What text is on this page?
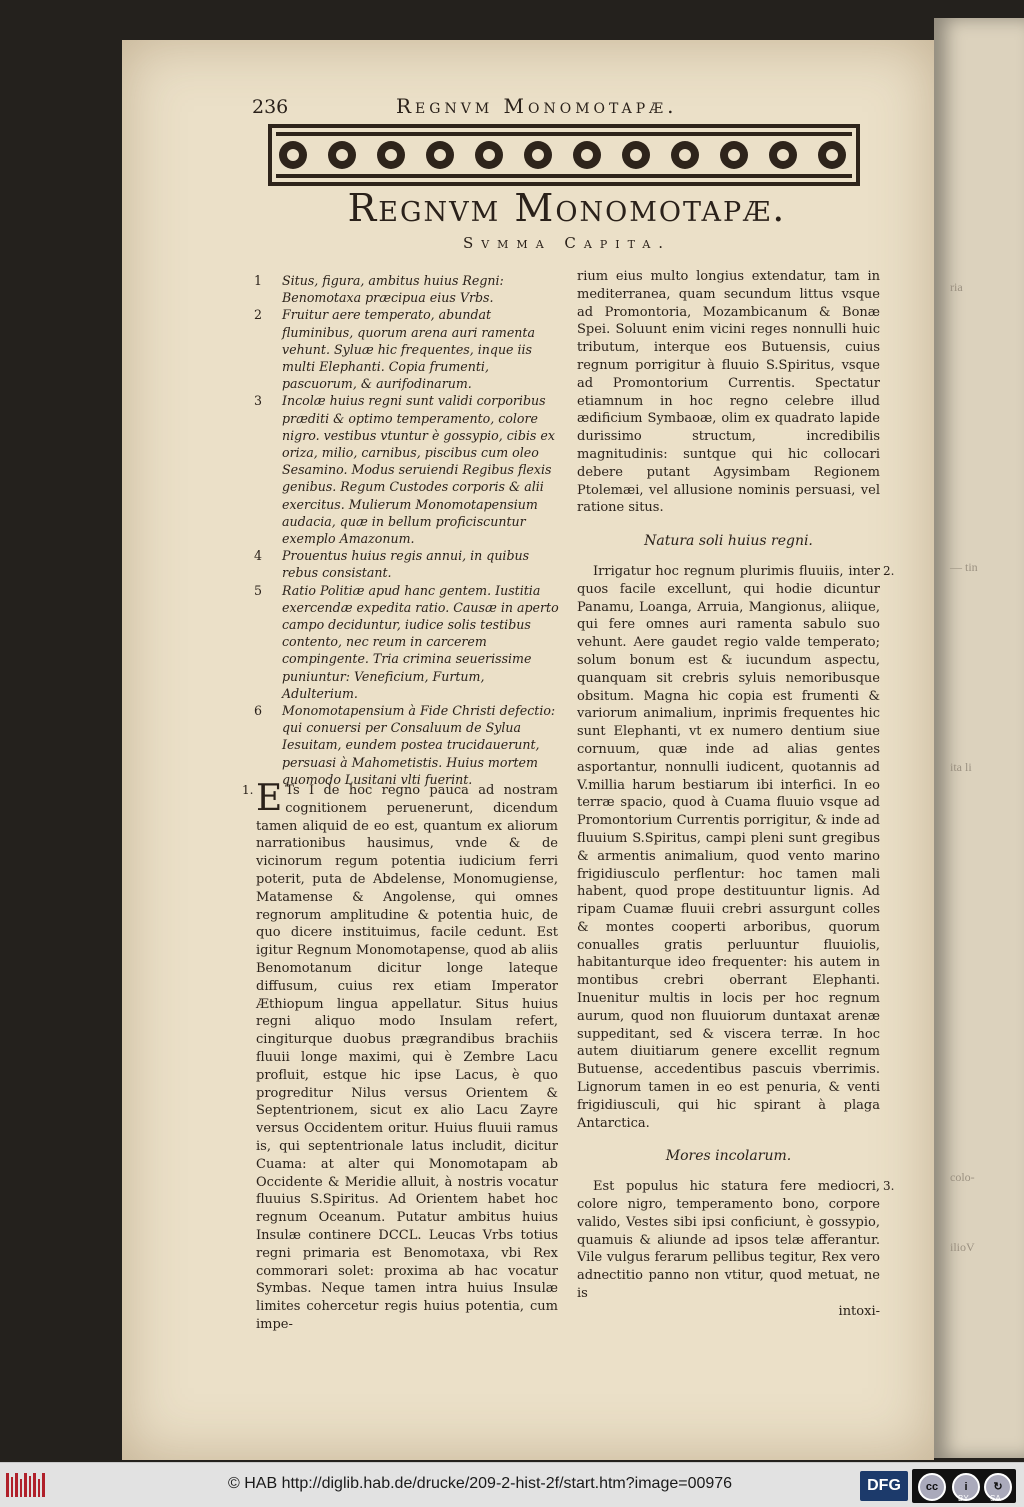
ria
— tin
ita li
colo-
ilioV
236	Regnvm Monomotapæ.
Regnvm Monomotapæ.
Svmma Capita.
1 Situs, figura, ambitus huius Regni: Benomotaxa præcipua eius Vrbs.
2 Fruitur aere temperato, abundat fluminibus, quorum arena auri ramenta vehunt. Syluæ hic frequentes, inque iis multi Elephanti. Copia frumenti, pascuorum, & aurifodinarum.
3 Incolæ huius regni sunt validi corporibus præditi & optimo temperamento, colore nigro. vestibus vtuntur è gossypio, cibis ex oriza, milio, carnibus, piscibus cum oleo Sesamino. Modus seruiendi Regibus flexis genibus. Regum Custodes corporis & alii exercitus. Mulierum Monomotapensium audacia, quæ in bellum proficiscuntur exemplo Amazonum.
4 Prouentus huius regis annui, in quibus rebus consistant.
5 Ratio Politiæ apud hanc gentem. Iustitia exercendæ expedita ratio. Causæ in aperto campo deciduntur, iudice solis testibus contento, nec reum in carcerem compingente. Tria crimina seuerissime puniuntur: Veneficium, Furtum, Adulterium.
6 Monomotapensium à Fide Christi defectio: qui conuersi per Consaluum de Sylua Iesuitam, eundem postea trucidauerunt, persuasi à Mahometistis. Huius mortem quomodo Lusitani vlti fuerint.
1. E Ts I de hoc regno pauca ad nostram cognitionem peruenerunt, dicendum tamen aliquid de eo est, quantum ex aliorum narrationibus hausimus, vnde & de vicinorum regum potentia iudicium ferri poterit, puta de Abdelense, Monomugiense, Matamense & Angolense, qui omnes regnorum amplitudine & potentia huic, de quo dicere instituimus, facile cedunt. Est igitur Regnum Monomotapense, quod ab aliis Benomotanum dicitur longe lateque diffusum, cuius rex etiam Imperator Æthiopum lingua appellatur. Situs huius regni aliquo modo Insulam refert, cingiturque duobus prægrandibus brachiis fluuii longe maximi, qui è Zembre Lacu profluit, estque hic ipse Lacus, è quo progreditur Nilus versus Orientem & Septentrionem, sicut ex alio Lacu Zayre versus Occidentem oritur. Huius fluuii ramus is, qui septentrionale latus includit, dicitur Cuama: at alter qui Monomotapam ab Occidente & Meridie alluit, à nostris vocatur fluuius S.Spiritus. Ad Orientem habet hoc regnum Oceanum. Putatur ambitus huius Insulæ continere DCCL. Leucas Vrbs totius regni primaria est Benomotaxa, vbi Rex commorari solet: proxima ab hac vocatur Symbas. Neque tamen intra huius Insulæ limites cohercetur regis huius potentia, cum impe-

rium eius multo longius extendatur, tam in mediterranea, quam secundum littus vsque ad Promontoria, Mozambicanum & Bonæ Spei. Soluunt enim vicini reges nonnulli huic tributum, interque eos Butuensis, cuius regnum porrigitur à fluuio S.Spiritus, vsque ad Promontorium Currentis. Spectatur etiamnum in hoc regno celebre illud ædificium Symbaoæ, olim ex quadrato lapide durissimo structum, incredibilis magnitudinis: suntque qui hic collocari debere putant Agysimbam Regionem Ptolemæi, vel allusione nominis persuasi, vel ratione situs.

Natura soli huius regni.
2.

Irrigatur hoc regnum plurimis fluuiis, inter quos facile excellunt, qui hodie dicuntur Panamu, Loanga, Arruia, Mangionus, aliique, qui fere omnes auri ramenta sabulo suo vehunt. Aere gaudet regio valde temperato; solum bonum est & iucundum aspectu, quanquam sit crebris syluis nemoribusque obsitum. Magna hic copia est frumenti & variorum animalium, inprimis frequentes hic sunt Elephanti, vt ex numero dentium siue cornuum, quæ inde ad alias gentes asportantur, nonnulli iudicent, quotannis ad V.millia harum bestiarum ibi interfici. In eo terræ spacio, quod à Cuama fluuio vsque ad Promontorium Currentis porrigitur, & inde ad fluuium S.Spiritus, campi pleni sunt gregibus & armentis animalium, quod vento marino frigidiusculo perflentur: hoc tamen mali habent, quod prope destituuntur lignis. Ad ripam Cuamæ fluuii crebri assurgunt colles & montes cooperti arboribus, quorum conualles gratis perluuntur fluuiolis, habitanturque ideo frequenter: his autem in montibus crebri oberrant Elephanti. Inuenitur multis in locis per hoc regnum aurum, quod non fluuiorum duntaxat arenæ suppeditant, sed & viscera terræ. In hoc autem diuitiarum genere excellit regnum Butuense, accedentibus pascuis vberrimis. Lignorum tamen in eo est penuria, & venti frigidiusculi, qui hic spirant à plaga Antarctica.

Mores incolarum.
3.

Est populus hic statura fere mediocri, colore nigro, temperamento bono, corpore valido, Vestes sibi ipsi conficiunt, è gossypio, quamuis & aliunde ad ipsos telæ afferantur. Vile vulgus ferarum pellibus tegitur, Rex vero adnectitio panno non vtitur, quod metuat, ne is

intoxi-

© HAB http://diglib.hab.de/drucke/209-2-hist-2f/start.htm?image=00976	DFG	cc	i	↻
BY	SA
